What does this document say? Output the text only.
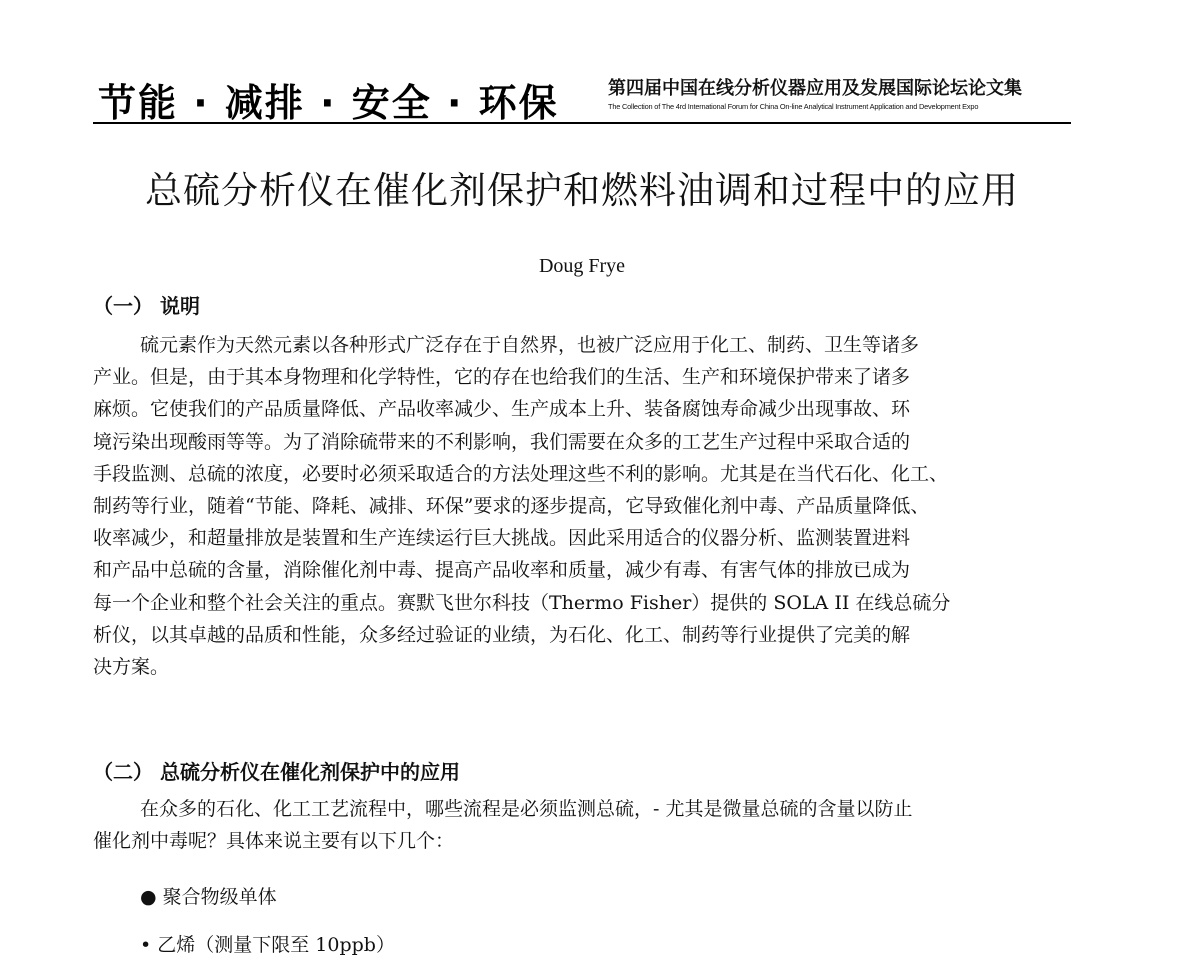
节能 · 减排 · 安全 · 环保	第四届中国在线分析仪器应用及发展国际论坛论文集
The Collection of The 4rd International Forum for China On-line Analytical Instrument Application and Development Expo
总硫分析仪在催化剂保护和燃料油调和过程中的应用
Doug Frye
（一） 说明
硫元素作为天然元素以各种形式广泛存在于自然界，也被广泛应用于化工、制药、卫生等诸多
产业。但是，由于其本身物理和化学特性，它的存在也给我们的生活、生产和环境保护带来了诸多
麻烦。它使我们的产品质量降低、产品收率减少、生产成本上升、装备腐蚀寿命减少出现事故、环
境污染出现酸雨等等。为了消除硫带来的不利影响，我们需要在众多的工艺生产过程中采取合适的
手段监测、总硫的浓度，必要时必须采取适合的方法处理这些不利的影响。尤其是在当代石化、化工、
制药等行业，随着“节能、降耗、减排、环保”要求的逐步提高，它导致催化剂中毒、产品质量降低、
收率减少，和超量排放是装置和生产连续运行巨大挑战。因此采用适合的仪器分析、监测装置进料
和产品中总硫的含量，消除催化剂中毒、提高产品收率和质量，减少有毒、有害气体的排放已成为
每一个企业和整个社会关注的重点。赛默飞世尔科技（Thermo Fisher）提供的 SOLA II 在线总硫分
析仪，以其卓越的品质和性能，众多经过验证的业绩，为石化、化工、制药等行业提供了完美的解
决方案。
（二） 总硫分析仪在催化剂保护中的应用
在众多的石化、化工工艺流程中，哪些流程是必须监测总硫，- 尤其是微量总硫的含量以防止
催化剂中毒呢？具体来说主要有以下几个：
● 聚合物级单体
• 乙烯（测量下限至 10ppb）
